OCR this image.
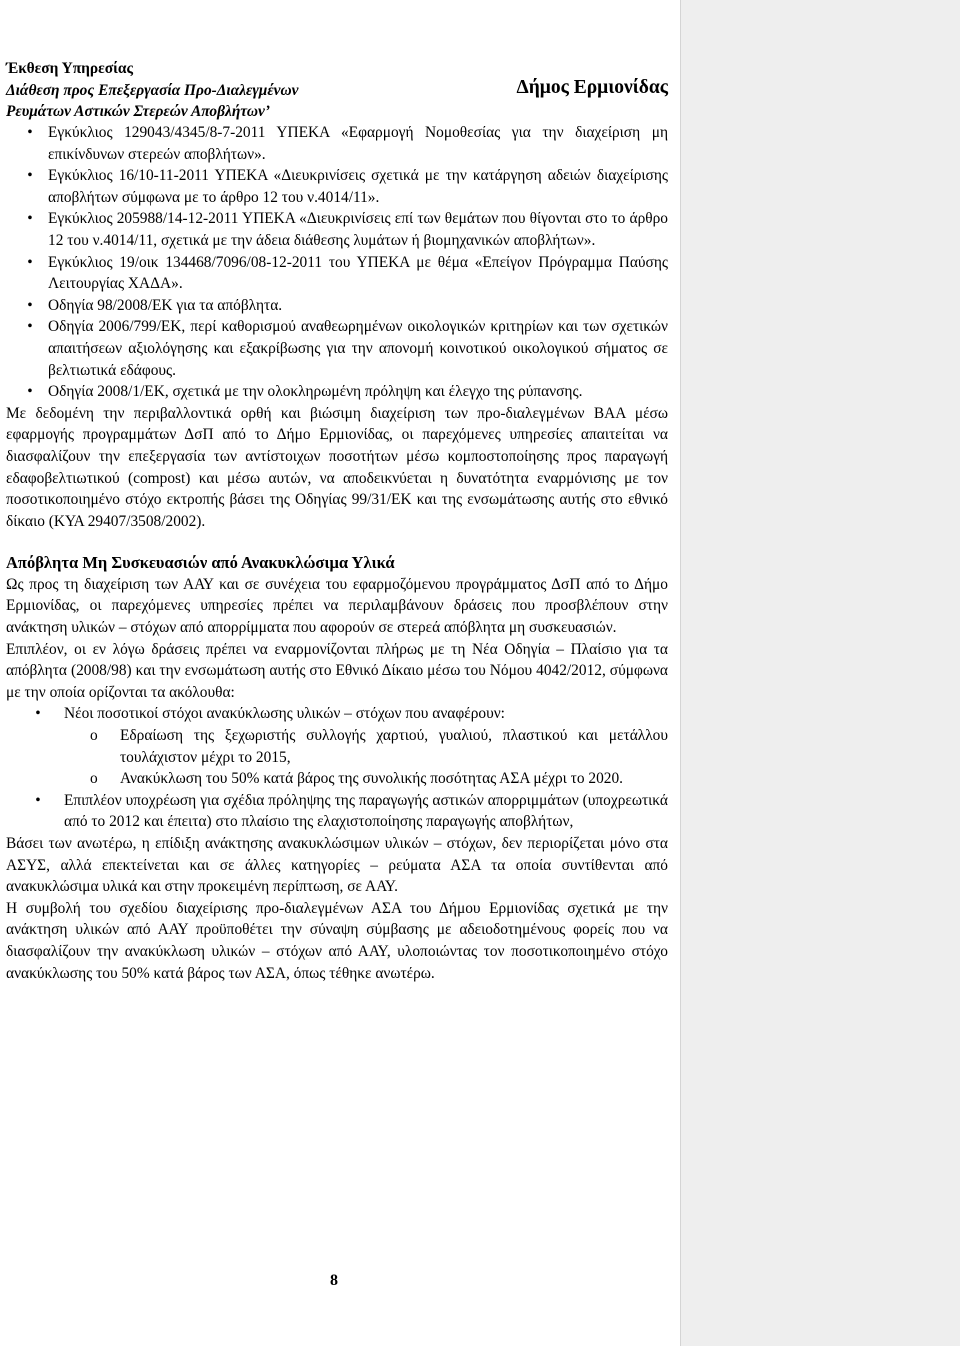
Έκθεση Υπηρεσίας
Διάθεση προς Επεξεργασία Προ-Διαλεγμένων
Ρευμάτων Αστικών Στερεών Αποβλήτων’
Δήμος Ερμιονίδας
• Εγκύκλιος 129043/4345/8-7-2011 ΥΠΕΚΑ «Εφαρμογή Νομοθεσίας για την διαχείριση μη επικίνδυνων στερεών αποβλήτων».
• Εγκύκλιος 16/10-11-2011 ΥΠΕΚΑ «Διευκρινίσεις σχετικά με την κατάργηση αδειών διαχείρισης αποβλήτων σύμφωνα με το άρθρο 12 του ν.4014/11».
• Εγκύκλιος 205988/14-12-2011 ΥΠΕΚΑ «Διευκρινίσεις επί των θεμάτων που θίγονται στο το άρθρο 12 του ν.4014/11, σχετικά με την άδεια διάθεσης λυμάτων ή βιομηχανικών αποβλήτων».
• Εγκύκλιος 19/οικ 134468/7096/08-12-2011 του ΥΠΕΚΑ με θέμα «Επείγον Πρόγραμμα Παύσης Λειτουργίας ΧΑΔΑ».
• Οδηγία 98/2008/ΕΚ για τα απόβλητα.
• Οδηγία 2006/799/ΕΚ, περί καθορισμού αναθεωρημένων οικολογικών κριτηρίων και των σχετικών απαιτήσεων αξιολόγησης και εξακρίβωσης για την απονομή κοινοτικού οικολογικού σήματος σε βελτιωτικά εδάφους.
• Οδηγία 2008/1/ΕΚ, σχετικά με την ολοκληρωμένη πρόληψη και έλεγχο της ρύπανσης.

Με δεδομένη την περιβαλλοντικά ορθή και βιώσιμη διαχείριση των προ-διαλεγμένων ΒΑΑ μέσω εφαρμογής προγραμμάτων ΔσΠ από το Δήμο Ερμιονίδας, οι παρεχόμενες υπηρεσίες απαιτείται να διασφαλίζουν την επεξεργασία των αντίστοιχων ποσοτήτων μέσω κομποστοποίησης προς παραγωγή εδαφοβελτιωτικού (compost) και μέσω αυτών, να αποδεικνύεται η δυνατότητα εναρμόνισης με τον ποσοτικοποιημένο στόχο εκτροπής βάσει της Οδηγίας 99/31/ΕΚ και της ενσωμάτωσης αυτής στο εθνικό δίκαιο (ΚΥΑ 29407/3508/2002).

Απόβλητα Μη Συσκευασιών από Ανακυκλώσιμα Υλικά

Ως προς τη διαχείριση των ΑΑΥ και σε συνέχεια του εφαρμοζόμενου προγράμματος ΔσΠ από το Δήμο Ερμιονίδας, οι παρεχόμενες υπηρεσίες πρέπει να περιλαμβάνουν δράσεις που προσβλέπουν στην ανάκτηση υλικών – στόχων από απορρίμματα που αφορούν σε στερεά απόβλητα μη συσκευασιών.

Επιπλέον, οι εν λόγω δράσεις πρέπει να εναρμονίζονται πλήρως με τη Νέα Οδηγία – Πλαίσιο για τα απόβλητα (2008/98) και την ενσωμάτωση αυτής στο Εθνικό Δίκαιο μέσω του Νόμου 4042/2012, σύμφωνα με την οποία ορίζονται τα ακόλουθα:

• Νέοι ποσοτικοί στόχοι ανακύκλωσης υλικών – στόχων που αναφέρουν:
o Εδραίωση της ξεχωριστής συλλογής χαρτιού, γυαλιού, πλαστικού και μετάλλου τουλάχιστον μέχρι το 2015,
o Ανακύκλωση του 50% κατά βάρος της συνολικής ποσότητας ΑΣΑ μέχρι το 2020.
• Επιπλέον υποχρέωση για σχέδια πρόληψης της παραγωγής αστικών απορριμμάτων (υποχρεωτικά από το 2012 και έπειτα) στο πλαίσιο της ελαχιστοποίησης παραγωγής αποβλήτων,

Βάσει των ανωτέρω, η επίδιξη ανάκτησης ανακυκλώσιμων υλικών – στόχων, δεν περιορίζεται μόνο στα ΑΣΥΣ, αλλά επεκτείνεται και σε άλλες κατηγορίες – ρεύματα ΑΣΑ τα οποία συντίθενται από ανακυκλώσιμα υλικά και στην προκειμένη περίπτωση, σε ΑΑΥ.

Η συμβολή του σχεδίου διαχείρισης προ-διαλεγμένων ΑΣΑ του Δήμου Ερμιονίδας σχετικά με την ανάκτηση υλικών από ΑΑΥ προϋποθέτει την σύναψη σύμβασης με αδειοδοτημένους φορείς που να διασφαλίζουν την ανακύκλωση υλικών – στόχων από ΑΑΥ, υλοποιώντας τον ποσοτικοποιημένο στόχο ανακύκλωσης του 50% κατά βάρος των ΑΣΑ, όπως τέθηκε ανωτέρω.

8
